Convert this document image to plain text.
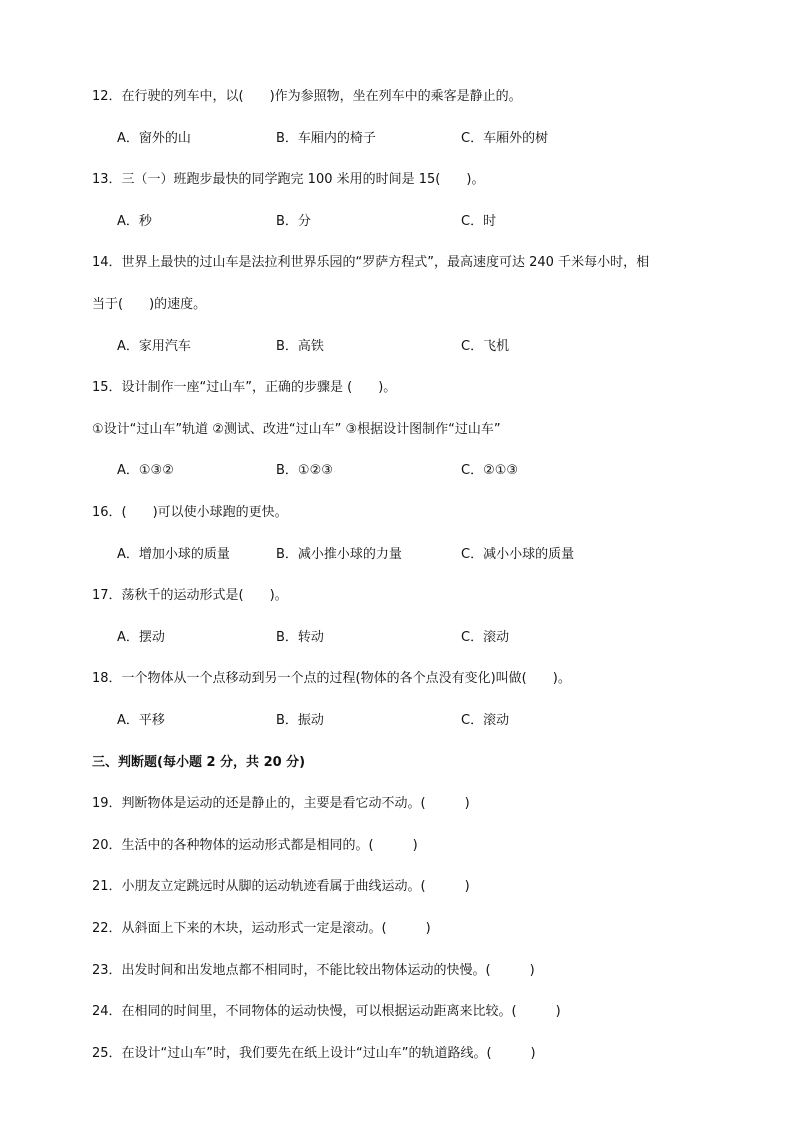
12．在行驶的列车中，以(　　)作为参照物，坐在列车中的乘客是静止的。
A．窗外的山	B．车厢内的椅子	C．车厢外的树
13．三（一）班跑步最快的同学跑完 100 米用的时间是 15(　　)。
A．秒	B．分	C．时
14．世界上最快的过山车是法拉利世界乐园的“罗萨方程式”，最高速度可达 240 千米每小时，相
当于(　　)的速度。
A．家用汽车	B．高铁	C．飞机
15．设计制作一座“过山车”，正确的步骤是 (　　)。
①设计“过山车”轨道 ②测试、改进“过山车” ③根据设计图制作“过山车”
A．①③②	B．①②③	C．②①③
16．(　　)可以使小球跑的更快。
A．增加小球的质量	B．减小推小球的力量	C．减小小球的质量
17．荡秋千的运动形式是(　　)。
A．摆动	B．转动	C．滚动
18．一个物体从一个点移动到另一个点的过程(物体的各个点没有变化)叫做(　　)。
A．平移	B．振动	C．滚动
三、判断题(每小题 2 分，共 20 分)
19．判断物体是运动的还是静止的，主要是看它动不动。(　　　)
20．生活中的各种物体的运动形式都是相同的。(　　　)
21．小朋友立定跳远时从脚的运动轨迹看属于曲线运动。(　　　)
22．从斜面上下来的木块，运动形式一定是滚动。(　　　)
23．出发时间和出发地点都不相同时，不能比较出物体运动的快慢。(　　　)
24．在相同的时间里，不同物体的运动快慢，可以根据运动距离来比较。(　　　)
25．在设计“过山车”时，我们要先在纸上设计“过山车”的轨道路线。(　　　)
